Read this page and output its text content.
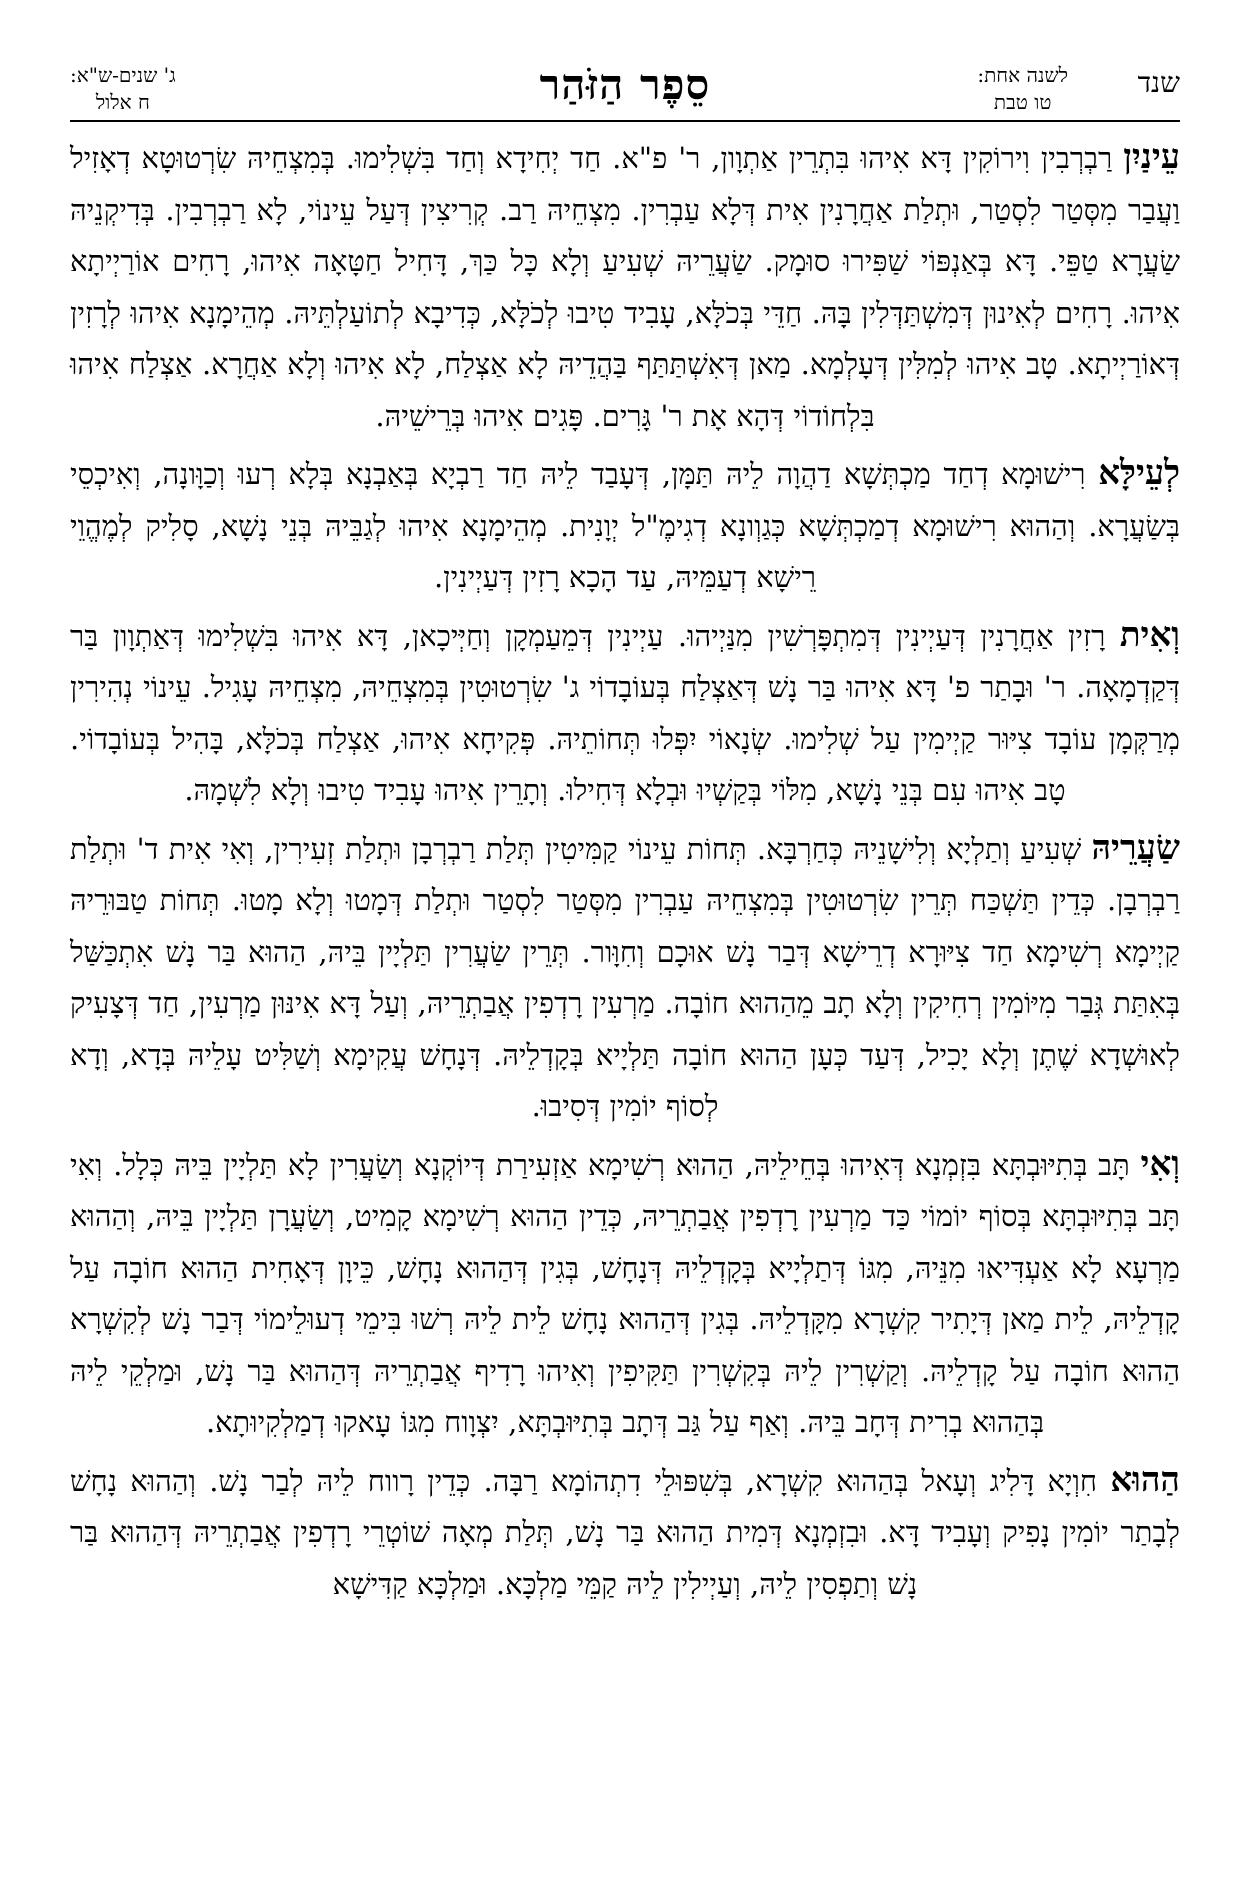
שנד
לשנה אחת:
טו טבת
סֵפֶר הַזֹּהַר
ג' שנים-ש"א:
ח אלול

עֵינַיִן רַבְרְבִין וִירוֹקִין דָּא אִיהוּ בִּתְרֵין אַתְוָון, ר' פ"א. חַד יְחִידָא וְחַד בִּשְׁלִימוּ. בְּמִצְחֵיהּ שִׂרְטוּטָא דְאָזִיל וַעֲבַר מִסְּטַר לִסְטַר, וּתְלַת אַחֲרָנִין אִית דְּלָא עַבְרִין. מִצְחֵיהּ רַב. קְרִיצִין דְּעַל עֵינוֹי, לָא רַבְרְבִין. בְּדִיקְנֵיהּ שַׂעֲרָא טַפֵּי. דָּא בְּאַנְפּוֹי שַׁפִּירוּ סוּמָק. שַׂעֲרֵיהּ שְׁעִיעַ וְלָא כָּל כַּךְ, דָּחִיל חַטָּאָה אִיהוּ, רָחִים אוֹרַיְיתָא אִיהוּ. רָחִים לְאִינוּן דְּמִשְׁתַּדְּלִין בָּהּ. חַדֵּי בְּכֹלָּא, עָבִיד טִיבוּ לְכֹלָּא, כְּדִיבָא לְתוֹעַלְתֵּיהּ. מְהֵימָנָא אִיהוּ לְרָזִין דְּאוֹרַיְיתָא. טָב אִיהוּ לְמִלִּין דְּעָלְמָא. מַאן דְּאִשְׁתַּתַּף בַּהֲדֵיהּ לָא אַצְלַח, לָא אִיהוּ וְלָא אַחֲרָא. אַצְלַח אִיהוּ בִּלְחוֹדוֹי דְּהָא אָת ר' גָּרִים. פָּגִים אִיהוּ בְּרֵישֵׁיהּ.

לְעֵילָּא רִישׁוּמָא דְחַד מַכְתְּשָׁא דַהֲוָה לֵיהּ תַּמָּן, דְּעָבַד לֵיהּ חַד רַבְיָא בְּאַבְנָא בְּלָא רְעוּ וְכַוָּונָה, וְאִיכְסֵי בְּשַׂעֲרָא. וְהַהוּא רִישׁוּמָא דְמַכְתְּשָׁא כְּגַוְונָא דְגִימֶ"ל יְוָנִית. מְהֵימָנָא אִיהוּ לְגַבֵּיהּ בְּנֵי נָשָׁא, סָלִיק לְמֶהֱוֵי רֵישָׁא דְעַמֵּיהּ, עַד הָכָא רָזִין דְּעַיְינִין.

וְאִית רָזִין אַחֲרָנִין דְּעַיְינִין דְּמִתְפָּרְשִׁין מִנַּיְיהוּ. עַיְינִין דְּמֵעַמְקָן וְחַיְּיכָאן, דָּא אִיהוּ בִּשְׁלִימוּ דְּאַתְוָון בַּר דְּקַדְמָאָה. ר' וּבָתַר פ' דָּא אִיהוּ בַּר נָשׁ דְּאַצְלַח בְּעוֹבָדוֹי ג' שִׂרְטוּטִין בְּמִצְחֵיהּ, מִצְחֵיהּ עָגִיל. עֵינוֹי נְהִירִין מְרַקְּמָן עוֹבָד צִיּוּר קַיְימִין עַל שְׁלִימוּ. שְׂנָאוֹי יִפְּלוּ תְּחוֹתֵיהּ. פְּקִיחָא אִיהוּ, אַצְלַח בְּכֹלָּא, בָּהִיל בְּעוֹבָדוֹי. טָב אִיהוּ עִם בְּנֵי נָשָׁא, מִלּוֹי בְּקַשְׁיוּ וּבְלָא דְּחִילוּ. וְתָרֵין אִיהוּ עָבִיד טִיבוּ וְלָא לִשְׁמָהּ.

שַׂעֲרֵיהּ שְׁעִיעַ וְתַלְיָא וְלִישָׁנֵיהּ כְּחַרְבָּא. תְּחוֹת עֵינוֹי קַמִּיטִין תְּלַת רַבְרְבָן וּתְלַת זְעִירִין, וְאִי אִית ד' וּתְלַת רַבְרְבָן. כְּדֵין תַּשְׁכַּח תְּרֵין שִׂרְטוּטִין בְּמִצְחֵיהּ עַבְרִין מִסְּטַר לִסְטַר וּתְלַת דְּמָטוּ וְלָא מָטוּ. תְּחוֹת טַבּוּרֵיהּ קַיְימָא רְשִׁימָא חַד צִיּוּרָא דְרֵישָׁא דְּבַר נָשׁ אוּכָם וְחִוָּור. תְּרֵין שַׂעֲרִין תַּלְיָין בֵּיהּ, הַהוּא בַּר נָשׁ אִתְכַּשַּׁל בְּאִתַּת גְּבַר מִיּוֹמִין רְחִיקִין וְלָא תָב מֵהַהוּא חוֹבָה. מַרְעִין רָדְפִין אֲבַתְרֵיהּ, וְעַל דָּא אִינּוּן מַרְעִין, חַד דְּצָעִיק לְאוּשְׁדָא שֶׁתֶן וְלָא יָכִיל, דְּעַד כְּעָן הַהוּא חוֹבָה תַּלְיָיא בְּקָדְלֵיהּ. דְּנָחָשׁ עֲקִימָא וְשַׁלִּיט עָלֵיהּ בְּדָא, וְדָא לְסוֹף יוֹמִין דְּסִיבוּ.

וְאִי תָּב בְּתִיּוּבְתָּא בִּזְמְנָא דְּאִיהוּ בְּחֵילֵיהּ, הַהוּא רְשִׁימָא אַזְעִירַת דְּיוֹקְנָא וְשַׂעֲרִין לָא תַּלְיָין בֵּיהּ כְּלָל. וְאִי תָּב בְּתִיּוּבְתָּא בְּסוֹף יוֹמוֹי כַּד מַרְעִין רָדְפִין אֲבַתְרֵיהּ, כְּדֵין הַהוּא רְשִׁימָא קָמִיט, וְשַׂעֲרָן תַּלְיָין בֵּיהּ, וְהַהוּא מַרְעָא לָא אַעְדִּיאוּ מִנֵּיהּ, מִגּוֹ דְּתַלְיָיא בְּקָדְלֵיהּ דְּנָחָשׁ, בְּגִין דְּהַהוּא נָחָשׁ, כֵּיוָן דְּאָחִית הַהוּא חוֹבָה עַל קָדְלֵיהּ, לֵית מַאן דְּיָתִיר קִשְׁרָא מִקָּדְלֵיהּ. בְּגִין דְּהַהוּא נָחָשׁ לֵית לֵיהּ רְשׁוּ בִּימֵי דְעוּלֵימוֹי דְּבַר נָשׁ לְקִשְׁרָא הַהוּא חוֹבָה עַל קָדְלֵיהּ. וְקַשְׁרִין לֵיהּ בְּקִשְׁרִין תַּקִּיפִין וְאִיהוּ רָדִיף אֲבַתְרֵיהּ דְּהַהוּא בַּר נָשׁ, וּמַלְקֵי לֵיהּ בְּהַהוּא בְרִית דְּחָב בֵּיהּ. וְאַף עַל גַּב דְּתָב בְּתִיּוּבְתָּא, יִצְוָוח מִגּוֹ עָאקוּ דְמַלְקִיוּתָא.

הַהוּא חִוְיָא דָּלִיג וְעָאל בְּהַהוּא קִשְׁרָא, בְּשִׁפּוּלֵי דִתְהוֹמָא רַבָּה. כְּדֵין רָווח לֵיהּ לְבַר נָשׁ. וְהַהוּא נָחָשׁ לְבָתַר יוֹמִין נָפִיק וְעָבִיד דָּא. וּבִזְמְנָא דְּמִית הַהוּא בַּר נָשׁ, תְּלַת מְאָה שׁוֹטְרֵי רָדְפִין אֲבַתְרֵיהּ דְּהַהוּא בַּר נָשׁ וְתַפְסִין לֵיהּ, וְעַיְילִין לֵיהּ קַמֵּי מַלְכָּא. וּמַלְכָּא קַדִּישָׁא
